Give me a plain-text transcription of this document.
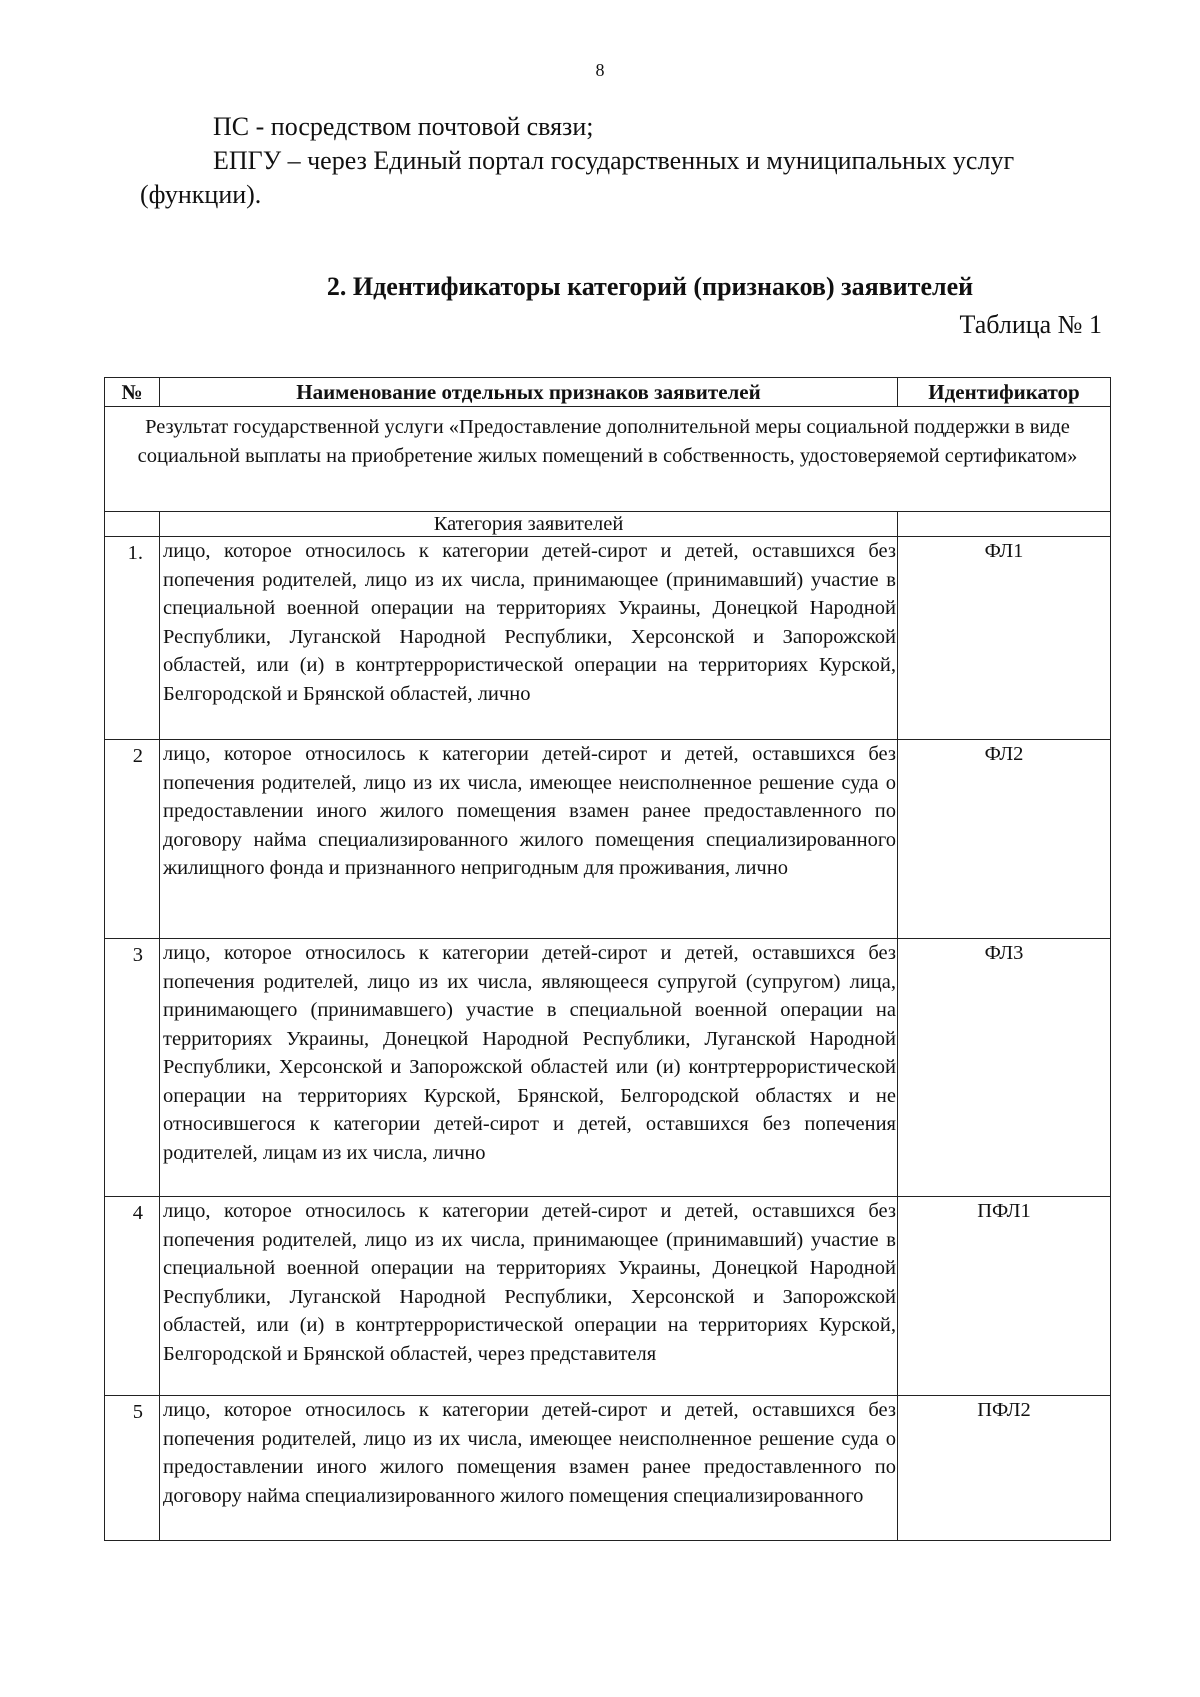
8

ПС - посредством почтовой связи;

ЕПГУ – через Единый портал государственных и муниципальных услуг (функции).

2. Идентификаторы категорий (признаков) заявителей
Таблица № 1
№	Наименование отдельных признаков заявителей	Идентификатор
Результат государственной услуги «Предоставление дополнительной меры социальной поддержки в виде социальной выплаты на приобретение жилых помещений в собственность, удостоверяемой сертификатом»		
	Категория заявителей	
1.	лицо, которое относилось к категории детей-сирот и детей, оставшихся без попечения родителей, лицо из их числа, принимающее (принимавший) участие в специальной военной операции на территориях Украины, Донецкой Народной Республики, Луганской Народной Республики, Херсонской и Запорожской областей, или (и) в контртеррористической операции на территориях Курской, Белгородской и Брянской областей, лично	ФЛ1
2	лицо, которое относилось к категории детей-сирот и детей, оставшихся без попечения родителей, лицо из их числа, имеющее неисполненное решение суда о предоставлении иного жилого помещения взамен ранее предоставленного по договору найма специализированного жилого помещения специализированного жилищного фонда и признанного непригодным для проживания, лично	ФЛ2
3	лицо, которое относилось к категории детей-сирот и детей, оставшихся без попечения родителей, лицо из их числа, являющееся супругой (супругом) лица, принимающего (принимавшего) участие в специальной военной операции на территориях Украины, Донецкой Народной Республики, Луганской Народной Республики, Херсонской и Запорожской областей или (и) контртеррористической операции на территориях Курской, Брянской, Белгородской областях и не относившегося к категории детей-сирот и детей, оставшихся без попечения родителей, лицам из их числа, лично	ФЛ3
4	лицо, которое относилось к категории детей-сирот и детей, оставшихся без попечения родителей, лицо из их числа, принимающее (принимавший) участие в специальной военной операции на территориях Украины, Донецкой Народной Республики, Луганской Народной Республики, Херсонской и Запорожской областей, или (и) в контртеррористической операции на территориях Курской, Белгородской и Брянской областей, через представителя	ПФЛ1
5	лицо, которое относилось к категории детей-сирот и детей, оставшихся без попечения родителей, лицо из их числа, имеющее неисполненное решение суда о предоставлении иного жилого помещения взамен ранее предоставленного по договору найма специализированного жилого помещения специализированного	ПФЛ2
